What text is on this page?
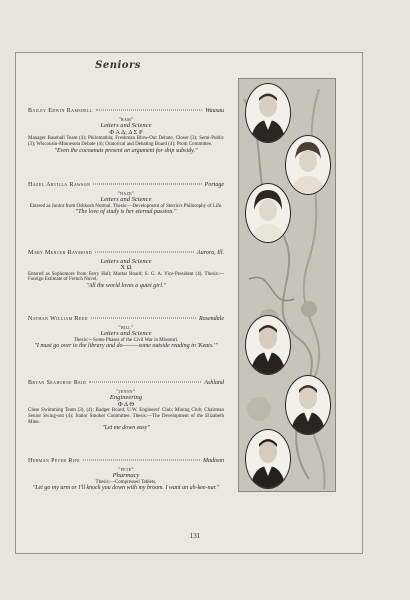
Seniors
Bailey Edwin Ramsdell	Wausau
"ram"
Letters and Science
Φ Α Δ; Δ Σ Ρ
Manager Baseball Team (4); Philomathia; Freshman Blow-Out Debate, Closer (3); Semi-Public (3); Wisconsin-Minnesota Debate (4); Oratorical and Debating Board (4); Prom Committee.
"Even the cocoanuts present an argument for ship subsidy."
Hazel Arvilla Rawson	Portage
"haze"
Letters and Science
Entered as Junior from Oshkosh Normal. Thesis:—Development of Sterrin's Philosophy of Life.
"The love of study is her eternal passion."
Mary Mercer Raymond	Aurora, Ill.
Letters and Science
Χ Ω
Entered as Sophomore from Ferry Hall; Mortar Board; S. G. A. Vice-President (4). Thesis:—Foreign Estimate of French Novel.
"All the world loves a quiet girl."
Nathan William Reed	Rosendale
"bill"
Letters and Science
Thesis:—Some Phases of the Civil War in Missouri.
"I must go over to the library and do———some outside reading in 'Keats.'"
Bryan Seaborne Reid	Ashland
"jenny"
Engineering
Φ Δ Θ
Close Swimming Team (3), (4); Badger Board; U.W. Engineers' Club; Mining Club; Chairman Senior Swing-out (4); Junior Smoker Committee. Thesis:—The Development of the Elizabeth Mine.
"Let me down easy"
Herman Peter Rife	Madison
"pete"
Pharmacy
Thesis:—Compressed Tablets.
"Let go my arm or I'll knock you down with my broom. I want an ah-kee-nar."
131
